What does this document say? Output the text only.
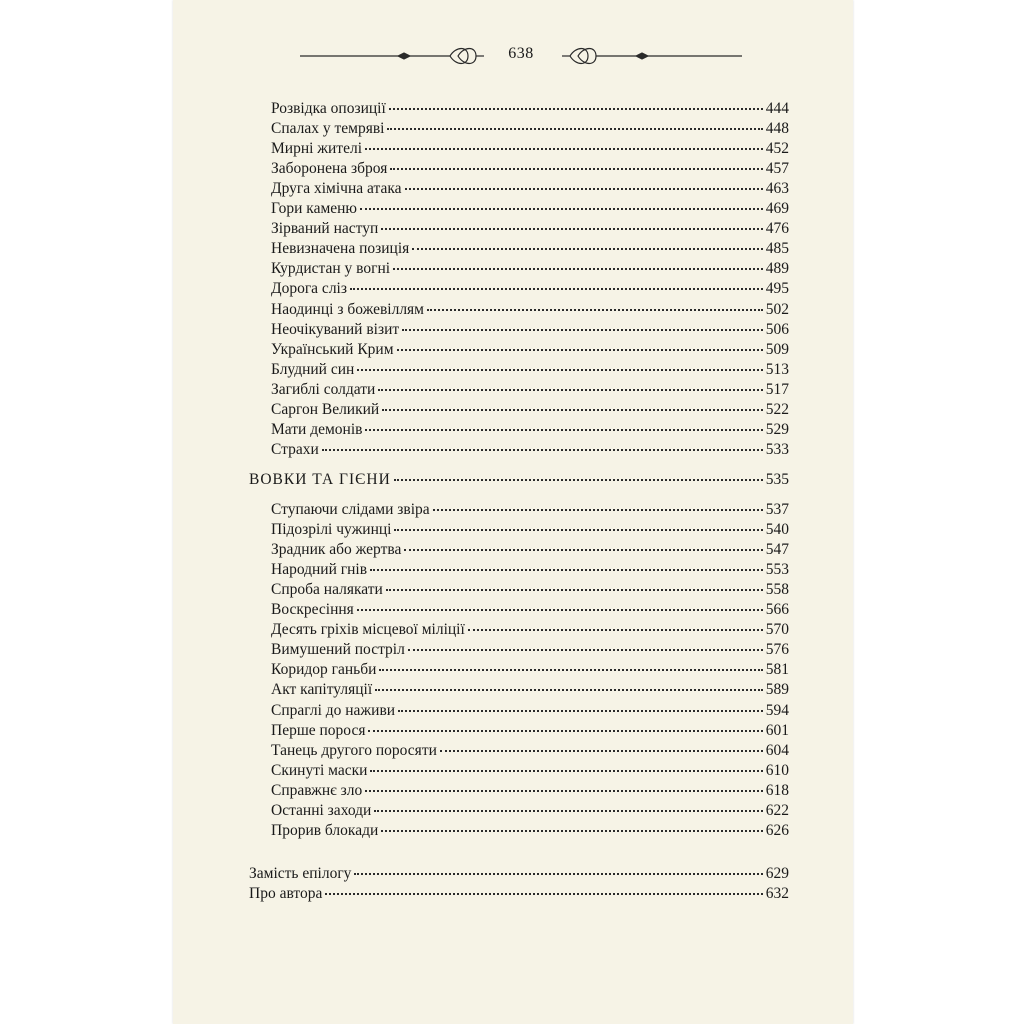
638
Розвідка опозиції	444
Спалах у темряві	448
Мирні жителі	452
Заборонена зброя	457
Друга хімічна атака	463
Гори каменю	469
Зірваний наступ	476
Невизначена позиція	485
Курдистан у вогні	489
Дорога сліз	495
Наодинці з божевіллям	502
Неочікуваний візит	506
Український Крим	509
Блудний син	513
Загиблі солдати	517
Саргон Великий	522
Мати демонів	529
Страхи	533
ВОВКИ ТА ГІЄНИ	535
Ступаючи слідами звіра	537
Підозрілі чужинці	540
Зрадник або жертва	547
Народний гнів	553
Спроба налякати	558
Воскресіння	566
Десять гріхів місцевої міліції	570
Вимушений постріл	576
Коридор ганьби	581
Акт капітуляції	589
Спраглі до наживи	594
Перше порося	601
Танець другого поросяти	604
Скинуті маски	610
Справжнє зло	618
Останні заходи	622
Прорив блокади	626
Замість епілогу	629
Про автора	632
